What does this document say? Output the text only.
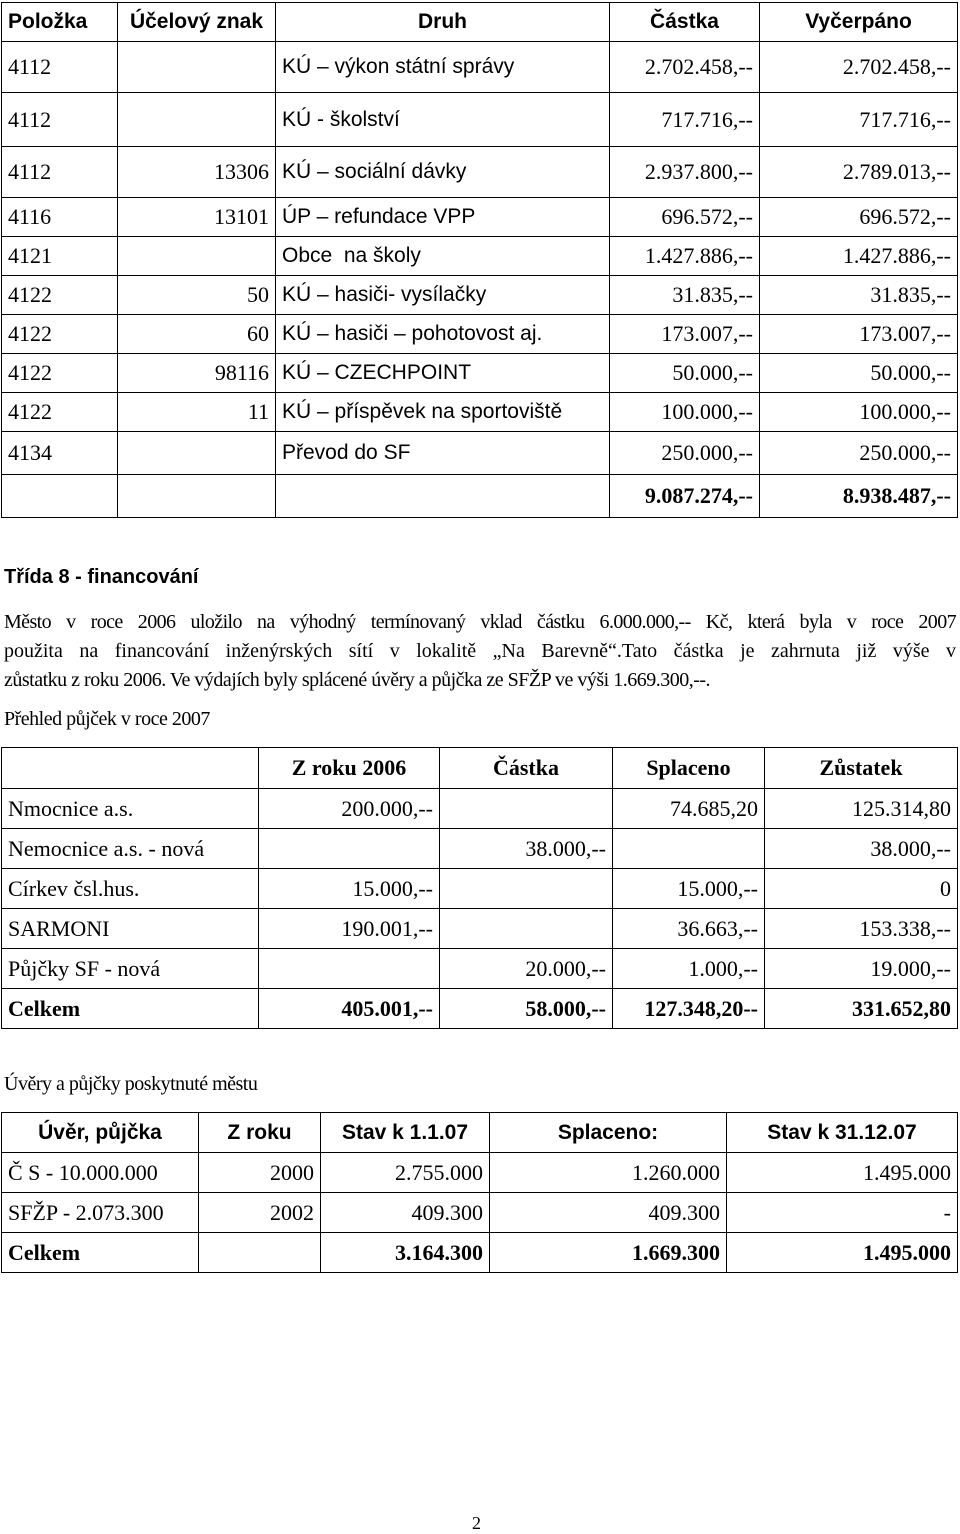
Položka	Účelový znak	Druh	Částka	Vyčerpáno
4112		KÚ – výkon státní správy	2.702.458,--	2.702.458,--
4112		KÚ - školství	717.716,--	717.716,--
4112	13306	KÚ – sociální dávky	2.937.800,--	2.789.013,--
4116	13101	ÚP – refundace VPP	696.572,--	696.572,--
4121		Obce  na školy	1.427.886,--	1.427.886,--
4122	50	KÚ – hasiči- vysílačky	31.835,--	31.835,--
4122	60	KÚ – hasiči – pohotovost aj.	173.007,--	173.007,--
4122	98116	KÚ – CZECHPOINT	50.000,--	50.000,--
4122	11	KÚ – příspěvek na sportoviště	100.000,--	100.000,--
4134		Převod do SF	250.000,--	250.000,--
			9.087.274,--	8.938.487,--
Třída 8 - financování
Město v roce 2006 uložilo na výhodný termínovaný vklad částku 6.000.000,-- Kč, která byla v roce 2007
použita na financování inženýrských sítí v lokalitě „Na Barevně“.Tato částka je zahrnuta již výše v
zůstatku z roku 2006. Ve výdajích byly splácené úvěry a půjčka ze SFŽP ve výši 1.669.300,--.
Přehled půjček v roce 2007
	Z roku 2006	Částka	Splaceno	Zůstatek
Nmocnice a.s.	200.000,--		74.685,20	125.314,80
Nemocnice a.s. - nová		38.000,--		38.000,--
Církev čsl.hus.	15.000,--		15.000,--	0
SARMONI	190.001,--		36.663,--	153.338,--
Půjčky SF - nová		20.000,--	1.000,--	19.000,--
Celkem	405.001,--	58.000,--	127.348,20--	331.652,80
Úvěry a půjčky poskytnuté městu
Úvěr, půjčka	Z roku	Stav k 1.1.07	Splaceno:	Stav k 31.12.07
Č S - 10.000.000	2000	2.755.000	1.260.000	1.495.000
SFŽP - 2.073.300	2002	409.300	409.300	-
Celkem		3.164.300	1.669.300	1.495.000
2
